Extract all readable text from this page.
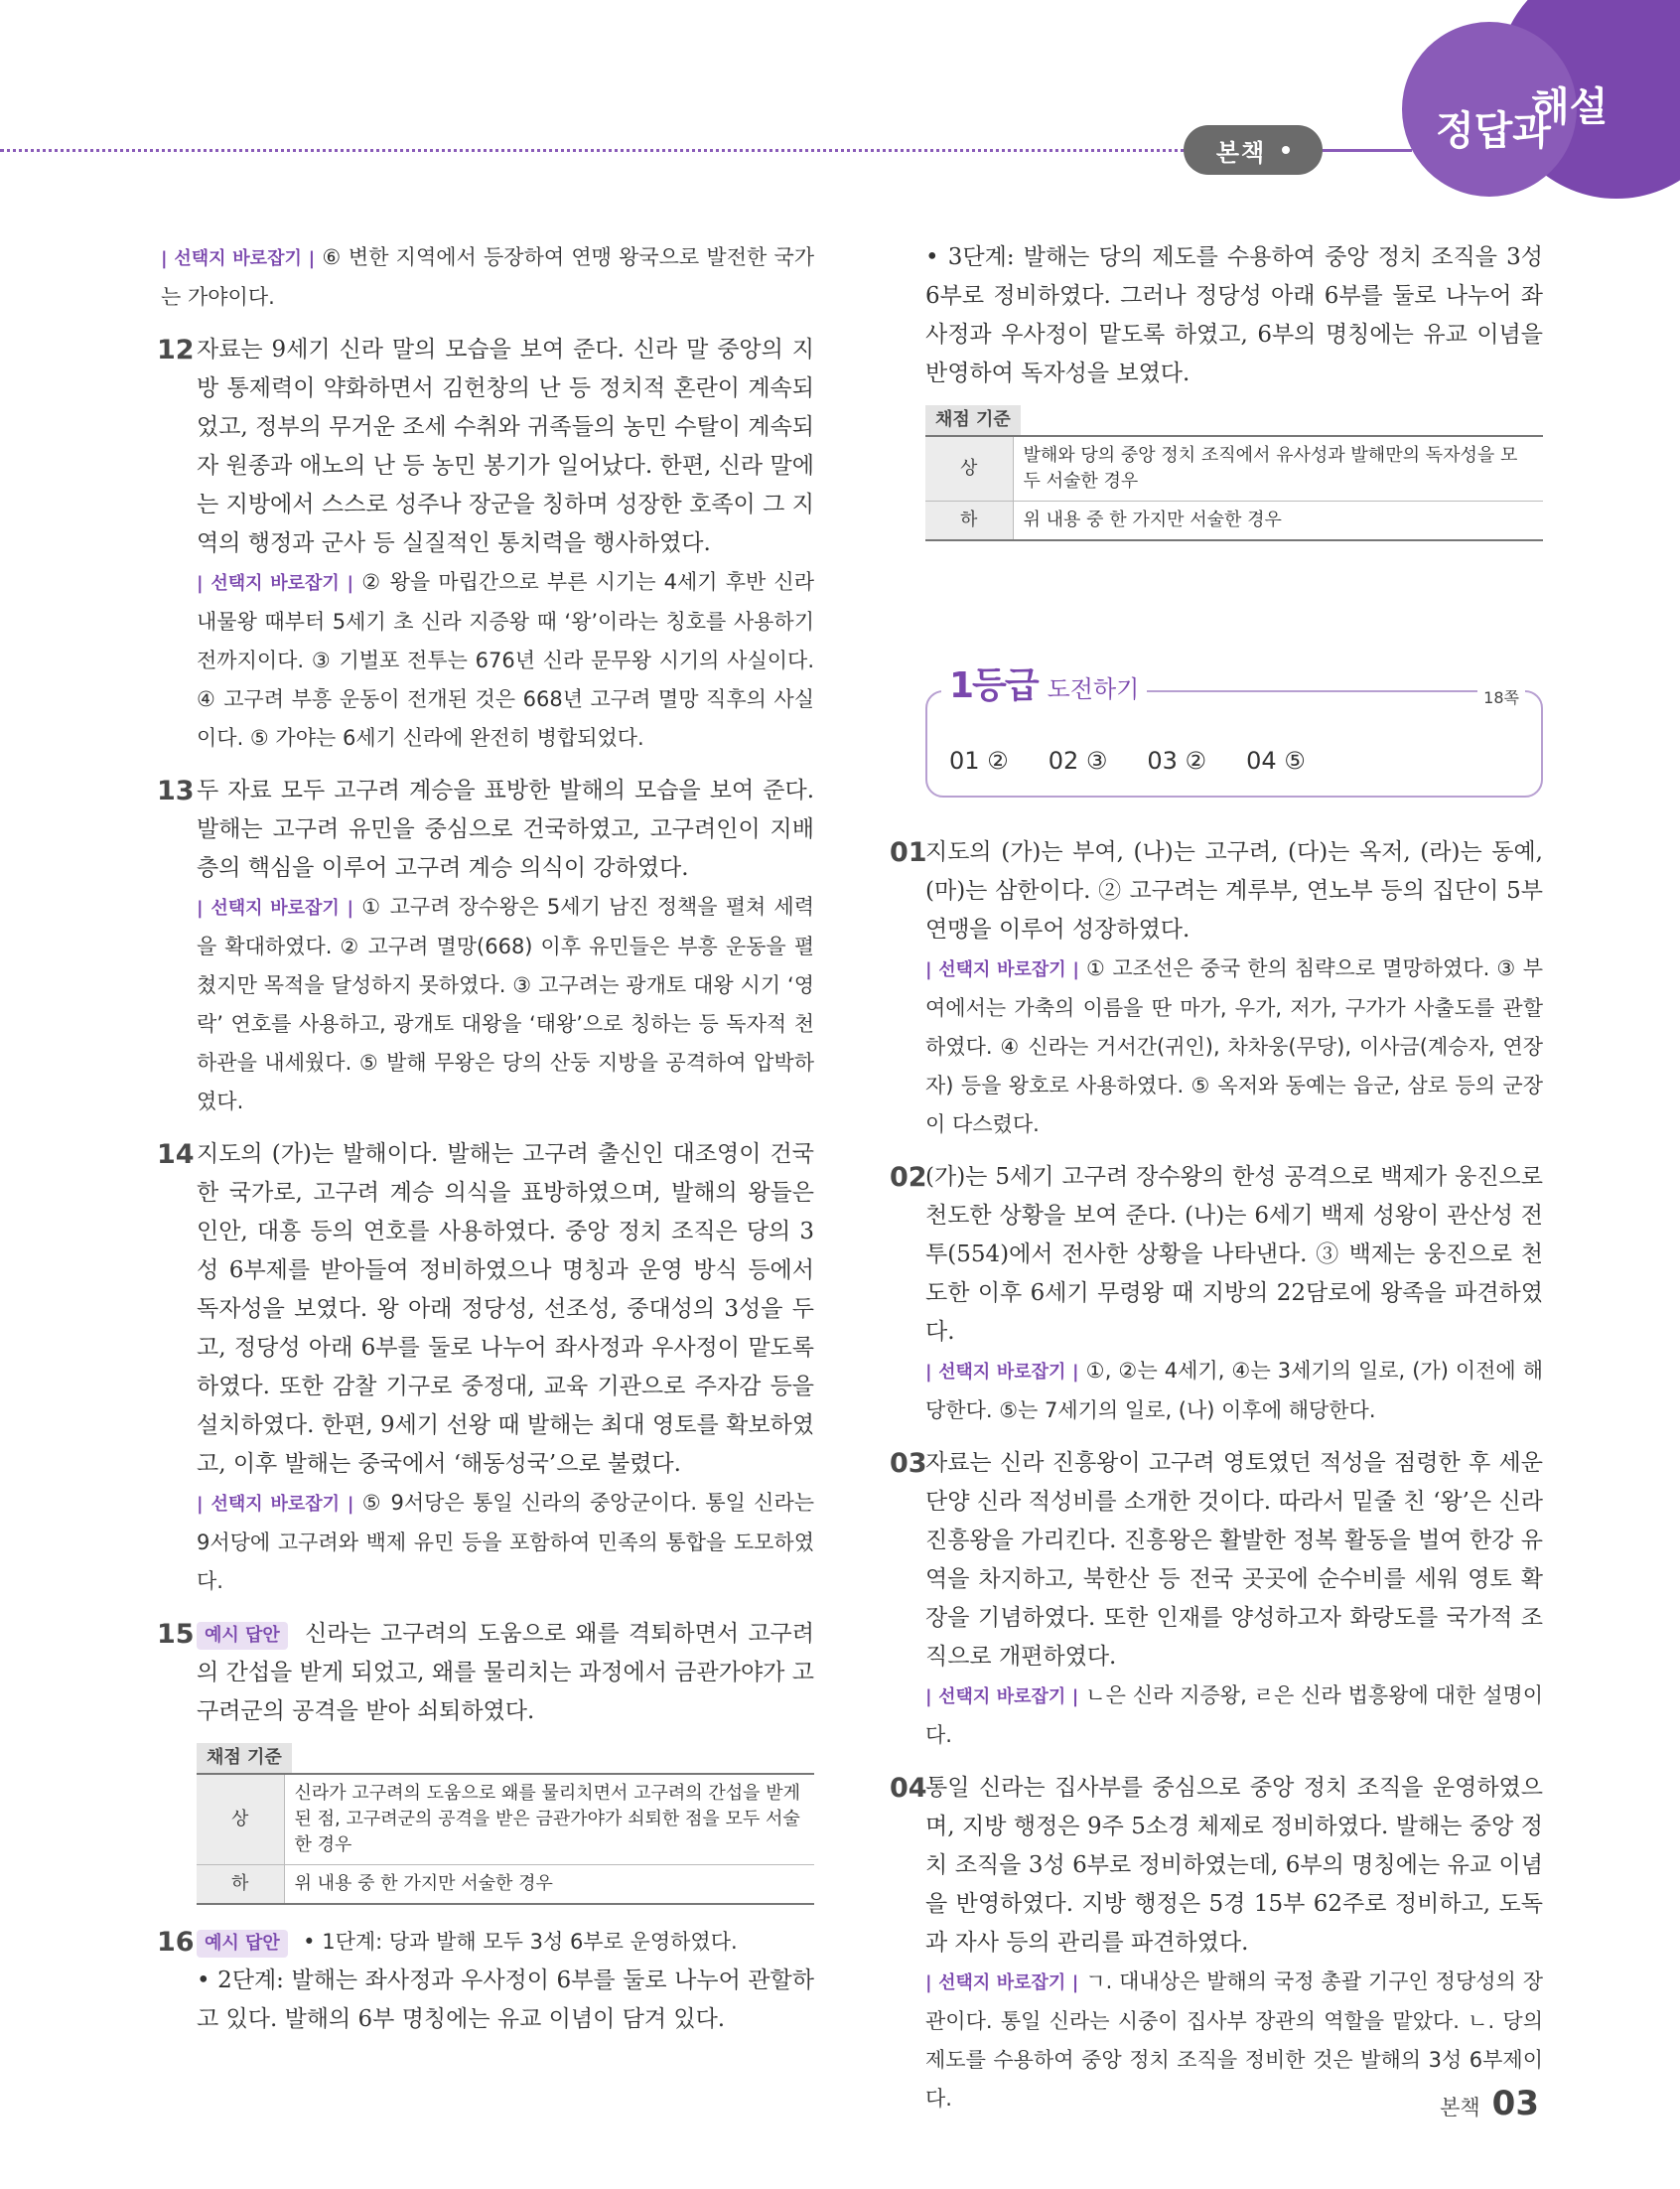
본책	정답과
해설
| 선택지 바로잡기 | ⑥ 변한 지역에서 등장하여 연맹 왕국으로 발전한 국가는 가야이다.
12 자료는 9세기 신라 말의 모습을 보여 준다. 신라 말 중앙의 지방 통제력이 약화하면서 김헌창의 난 등 정치적 혼란이 계속되었고, 정부의 무거운 조세 수취와 귀족들의 농민 수탈이 계속되자 원종과 애노의 난 등 농민 봉기가 일어났다. 한편, 신라 말에는 지방에서 스스로 성주나 장군을 칭하며 성장한 호족이 그 지역의 행정과 군사 등 실질적인 통치력을 행사하였다.
| 선택지 바로잡기 | ② 왕을 마립간으로 부른 시기는 4세기 후반 신라 내물왕 때부터 5세기 초 신라 지증왕 때 ‘왕’이라는 칭호를 사용하기 전까지이다. ③ 기벌포 전투는 676년 신라 문무왕 시기의 사실이다. ④ 고구려 부흥 운동이 전개된 것은 668년 고구려 멸망 직후의 사실이다. ⑤ 가야는 6세기 신라에 완전히 병합되었다.
13 두 자료 모두 고구려 계승을 표방한 발해의 모습을 보여 준다. 발해는 고구려 유민을 중심으로 건국하였고, 고구려인이 지배층의 핵심을 이루어 고구려 계승 의식이 강하였다.
| 선택지 바로잡기 | ① 고구려 장수왕은 5세기 남진 정책을 펼쳐 세력을 확대하였다. ② 고구려 멸망(668) 이후 유민들은 부흥 운동을 펼쳤지만 목적을 달성하지 못하였다. ③ 고구려는 광개토 대왕 시기 ‘영락’ 연호를 사용하고, 광개토 대왕을 ‘태왕’으로 칭하는 등 독자적 천하관을 내세웠다. ⑤ 발해 무왕은 당의 산둥 지방을 공격하여 압박하였다.
14 지도의 (가)는 발해이다. 발해는 고구려 출신인 대조영이 건국한 국가로, 고구려 계승 의식을 표방하였으며, 발해의 왕들은 인안, 대흥 등의 연호를 사용하였다. 중앙 정치 조직은 당의 3성 6부제를 받아들여 정비하였으나 명칭과 운영 방식 등에서 독자성을 보였다. 왕 아래 정당성, 선조성, 중대성의 3성을 두고, 정당성 아래 6부를 둘로 나누어 좌사정과 우사정이 맡도록 하였다. 또한 감찰 기구로 중정대, 교육 기관으로 주자감 등을 설치하였다. 한편, 9세기 선왕 때 발해는 최대 영토를 확보하였고, 이후 발해는 중국에서 ‘해동성국’으로 불렸다.
| 선택지 바로잡기 | ⑤ 9서당은 통일 신라의 중앙군이다. 통일 신라는 9서당에 고구려와 백제 유민 등을 포함하여 민족의 통합을 도모하였다.
15 예시 답안 신라는 고구려의 도움으로 왜를 격퇴하면서 고구려의 간섭을 받게 되었고, 왜를 물리치는 과정에서 금관가야가 고구려군의 공격을 받아 쇠퇴하였다.
채점 기준
상	신라가 고구려의 도움으로 왜를 물리치면서 고구려의 간섭을 받게 된 점, 고구려군의 공격을 받은 금관가야가 쇠퇴한 점을 모두 서술한 경우
하	위 내용 중 한 가지만 서술한 경우
16 예시 답안 • 1단계: 당과 발해 모두 3성 6부로 운영하였다.
• 2단계: 발해는 좌사정과 우사정이 6부를 둘로 나누어 관할하고 있다. 발해의 6부 명칭에는 유교 이념이 담겨 있다.
• 3단계: 발해는 당의 제도를 수용하여 중앙 정치 조직을 3성 6부로 정비하였다. 그러나 정당성 아래 6부를 둘로 나누어 좌사정과 우사정이 맡도록 하였고, 6부의 명칭에는 유교 이념을 반영하여 독자성을 보였다.
채점 기준
상	발해와 당의 중앙 정치 조직에서 유사성과 발해만의 독자성을 모두 서술한 경우
하	위 내용 중 한 가지만 서술한 경우
1등급 도전하기	18쪽
01 ② 02 ③ 03 ② 04 ⑤
01
지도의 (가)는 부여, (나)는 고구려, (다)는 옥저, (라)는 동예, (마)는 삼한이다. ② 고구려는 계루부, 연노부 등의 집단이 5부 연맹을 이루어 성장하였다.
| 선택지 바로잡기 | ① 고조선은 중국 한의 침략으로 멸망하였다. ③ 부여에서는 가축의 이름을 딴 마가, 우가, 저가, 구가가 사출도를 관할하였다. ④ 신라는 거서간(귀인), 차차웅(무당), 이사금(계승자, 연장자) 등을 왕호로 사용하였다. ⑤ 옥저와 동예는 읍군, 삼로 등의 군장이 다스렸다.
02
(가)는 5세기 고구려 장수왕의 한성 공격으로 백제가 웅진으로 천도한 상황을 보여 준다. (나)는 6세기 백제 성왕이 관산성 전투(554)에서 전사한 상황을 나타낸다. ③ 백제는 웅진으로 천도한 이후 6세기 무령왕 때 지방의 22담로에 왕족을 파견하였다.
| 선택지 바로잡기 | ①, ②는 4세기, ④는 3세기의 일로, (가) 이전에 해당한다. ⑤는 7세기의 일로, (나) 이후에 해당한다.
03
자료는 신라 진흥왕이 고구려 영토였던 적성을 점령한 후 세운 단양 신라 적성비를 소개한 것이다. 따라서 밑줄 친 ‘왕’은 신라 진흥왕을 가리킨다. 진흥왕은 활발한 정복 활동을 벌여 한강 유역을 차지하고, 북한산 등 전국 곳곳에 순수비를 세워 영토 확장을 기념하였다. 또한 인재를 양성하고자 화랑도를 국가적 조직으로 개편하였다.
| 선택지 바로잡기 | ㄴ은 신라 지증왕, ㄹ은 신라 법흥왕에 대한 설명이다.
04
통일 신라는 집사부를 중심으로 중앙 정치 조직을 운영하였으며, 지방 행정은 9주 5소경 체제로 정비하였다. 발해는 중앙 정치 조직을 3성 6부로 정비하였는데, 6부의 명칭에는 유교 이념을 반영하였다. 지방 행정은 5경 15부 62주로 정비하고, 도독과 자사 등의 관리를 파견하였다.
| 선택지 바로잡기 | ㄱ. 대내상은 발해의 국정 총괄 기구인 정당성의 장관이다. 통일 신라는 시중이 집사부 장관의 역할을 맡았다. ㄴ. 당의 제도를 수용하여 중앙 정치 조직을 정비한 것은 발해의 3성 6부제이다.	본책 03
